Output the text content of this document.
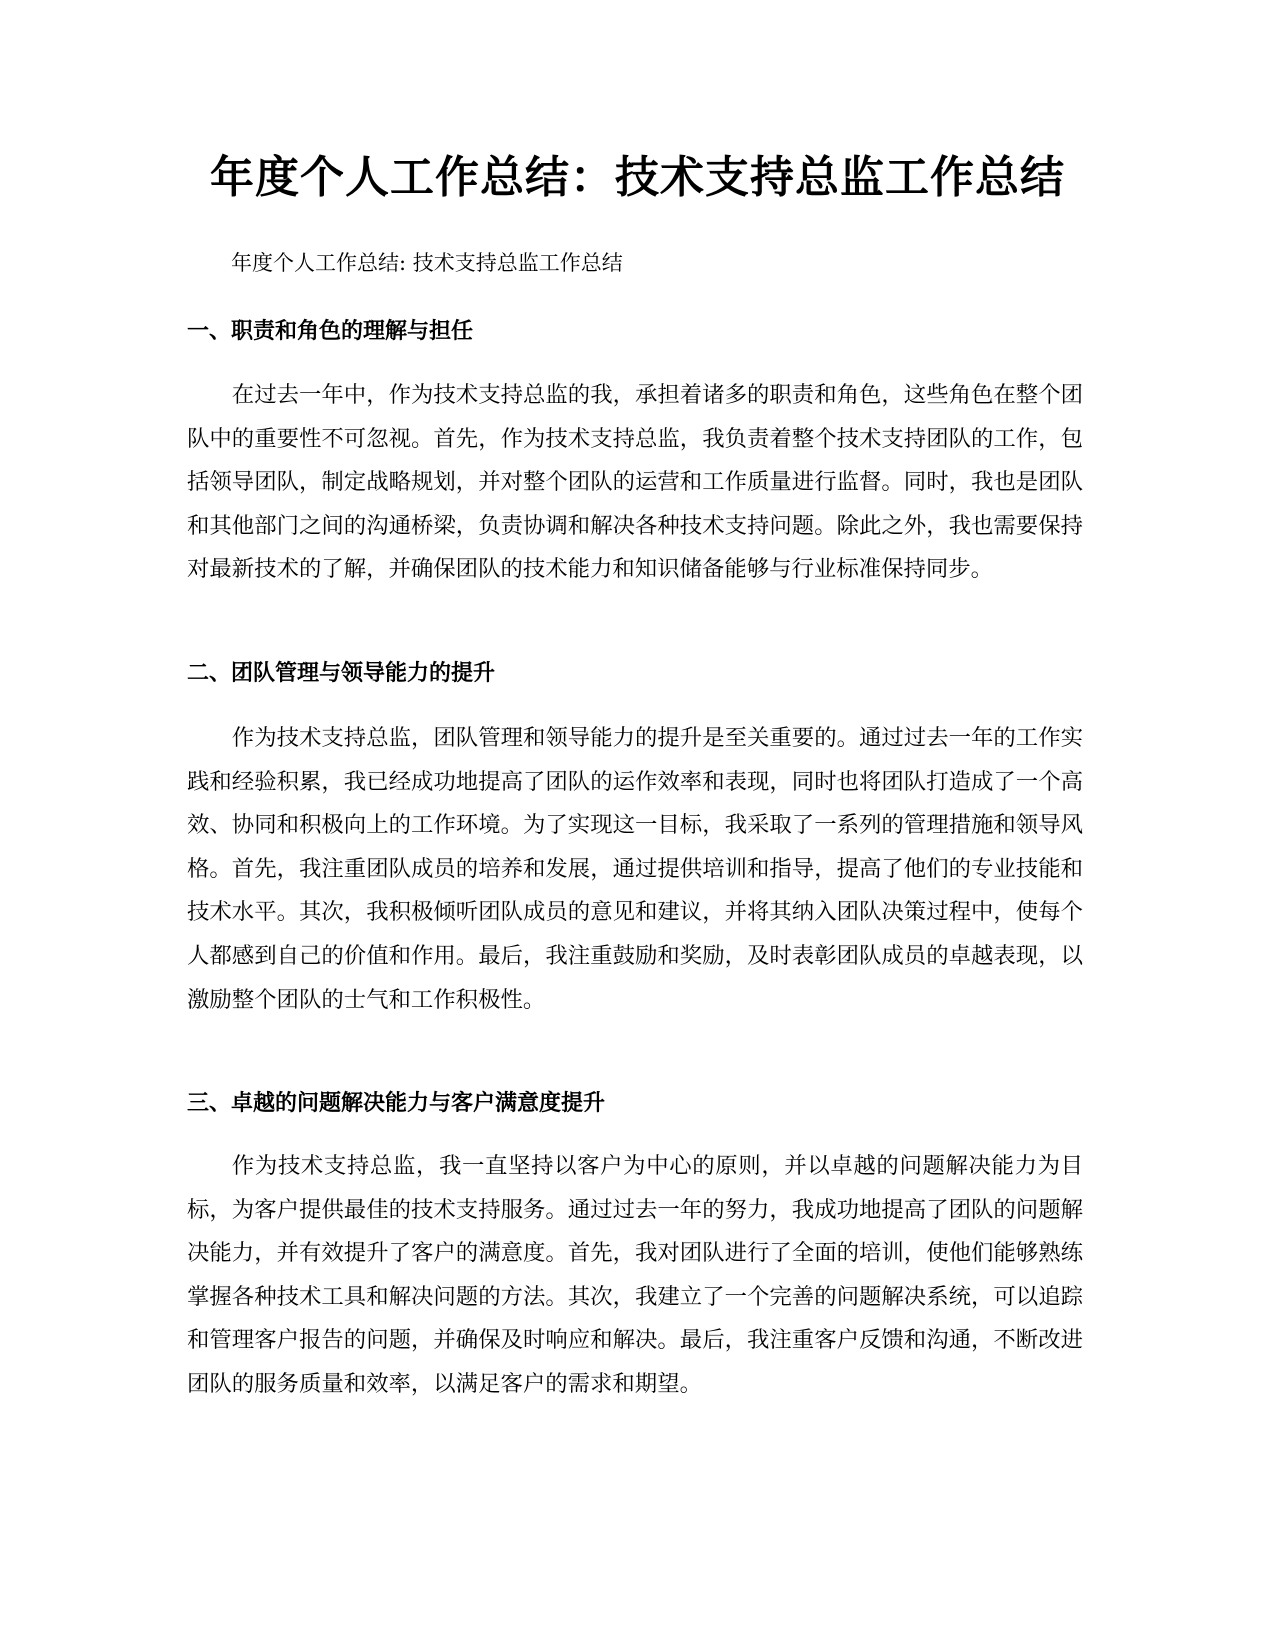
年度个人工作总结：技术支持总监工作总结

年度个人工作总结: 技术支持总监工作总结

一、职责和角色的理解与担任

在过去一年中，作为技术支持总监的我，承担着诸多的职责和角色，这些角色在整个团队中的重要性不可忽视。首先，作为技术支持总监，我负责着整个技术支持团队的工作，包括领导团队，制定战略规划，并对整个团队的运营和工作质量进行监督。同时，我也是团队和其他部门之间的沟通桥梁，负责协调和解决各种技术支持问题。除此之外，我也需要保持对最新技术的了解，并确保团队的技术能力和知识储备能够与行业标准保持同步。

二、团队管理与领导能力的提升

作为技术支持总监，团队管理和领导能力的提升是至关重要的。通过过去一年的工作实践和经验积累，我已经成功地提高了团队的运作效率和表现，同时也将团队打造成了一个高效、协同和积极向上的工作环境。为了实现这一目标，我采取了一系列的管理措施和领导风格。首先，我注重团队成员的培养和发展，通过提供培训和指导，提高了他们的专业技能和技术水平。其次，我积极倾听团队成员的意见和建议，并将其纳入团队决策过程中，使每个人都感到自己的价值和作用。最后，我注重鼓励和奖励，及时表彰团队成员的卓越表现，以激励整个团队的士气和工作积极性。

三、卓越的问题解决能力与客户满意度提升

作为技术支持总监，我一直坚持以客户为中心的原则，并以卓越的问题解决能力为目标，为客户提供最佳的技术支持服务。通过过去一年的努力，我成功地提高了团队的问题解决能力，并有效提升了客户的满意度。首先，我对团队进行了全面的培训，使他们能够熟练掌握各种技术工具和解决问题的方法。其次，我建立了一个完善的问题解决系统，可以追踪和管理客户报告的问题，并确保及时响应和解决。最后，我注重客户反馈和沟通，不断改进团队的服务质量和效率，以满足客户的需求和期望。
